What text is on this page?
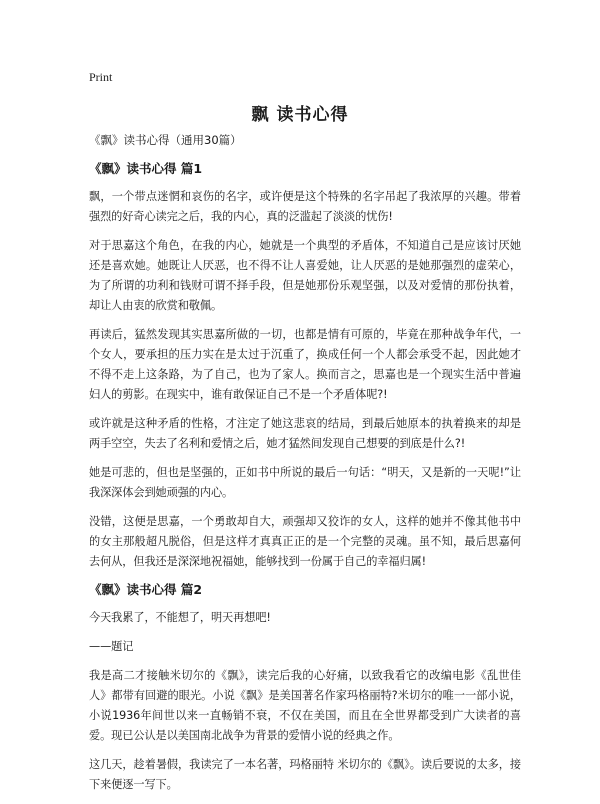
Print
飘 读书心得
《飘》读书心得（通用30篇）
《飘》读书心得 篇1

飘，一个带点迷惘和哀伤的名字，或许便是这个特殊的名字吊起了我浓厚的兴趣。带着强烈的好奇心读完之后，我的内心，真的泛滥起了淡淡的忧伤!

对于思嘉这个角色，在我的内心，她就是一个典型的矛盾体，不知道自己是应该讨厌她还是喜欢她。她既让人厌恶，也不得不让人喜爱她，让人厌恶的是她那强烈的虚荣心，为了所谓的功利和钱财可谓不择手段，但是她那份乐观坚强，以及对爱情的那份执着，却让人由衷的欣赏和敬佩。

再读后，猛然发现其实思嘉所做的一切，也都是情有可原的，毕竟在那种战争年代，一个女人，要承担的压力实在是太过于沉重了，换成任何一个人都会承受不起，因此她才不得不走上这条路，为了自己，也为了家人。换而言之，思嘉也是一个现实生活中普遍妇人的剪影。在现实中，谁有敢保证自己不是一个矛盾体呢?!

或许就是这种矛盾的性格，才注定了她这悲哀的结局，到最后她原本的执着换来的却是两手空空，失去了名利和爱情之后，她才猛然间发现自己想要的到底是什么?!

她是可悲的，但也是坚强的，正如书中所说的最后一句话：“明天，又是新的一天呢!”让我深深体会到她顽强的内心。

没错，这便是思嘉，一个勇敢却自大，顽强却又狡诈的女人，这样的她并不像其他书中的女主那般超凡脱俗，但是这样才真真正正的是一个完整的灵魂。虽不知，最后思嘉何去何从，但我还是深深地祝福她，能够找到一份属于自己的幸福归属!

《飘》读书心得 篇2

今天我累了，不能想了，明天再想吧!

——题记

我是高二才接触米切尔的《飘》，读完后我的心好痛，以致我看它的改编电影《乱世佳人》都带有回避的眼光。小说《飘》是美国著名作家玛格丽特?米切尔的唯一一部小说，小说1936年间世以来一直畅销不衰，不仅在美国，而且在全世界都受到广大读者的喜爱。现已公认是以美国南北战争为背景的爱情小说的经典之作。

这几天，趁着暑假，我读完了一本名著，玛格丽特 米切尔的《飘》。读后要说的太多，接下来便逐一写下。
